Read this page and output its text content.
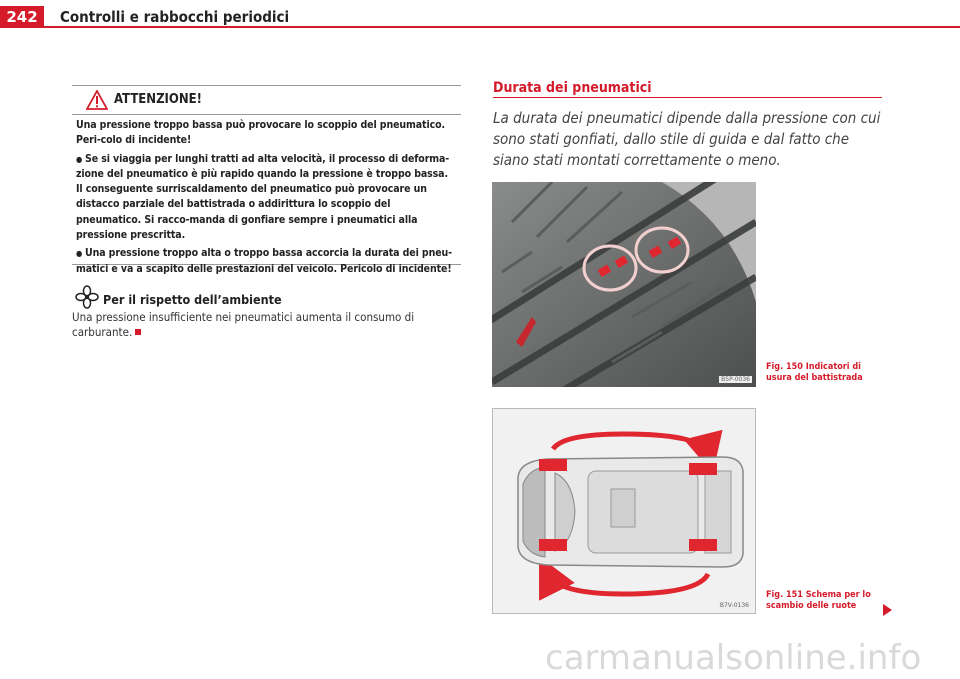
242	Controlli e rabbocchi periodici
ATTENZIONE!

Una pressione troppo bassa può provocare lo scoppio del pneumatico. Peri-colo di incidente!

●Se si viaggia per lunghi tratti ad alta velocità, il processo di deforma-zione del pneumatico è più rapido quando la pressione è troppo bassa. Il conseguente surriscaldamento del pneumatico può provocare un distacco parziale del battistrada o addirittura lo scoppio del pneumatico. Si racco-manda di gonfiare sempre i pneumatici alla pressione prescritta.

●Una pressione troppo alta o troppo bassa accorcia la durata dei pneu-matici e va a scapito delle prestazioni del veicolo. Pericolo di incidente!

Per il rispetto dell’ambiente
Una pressione insufficiente nei pneumatici aumenta il consumo di carburante.
Durata dei pneumatici
La durata dei pneumatici dipende dalla pressione con cui sono stati gonfiati, dallo stile di guida e dal fatto che siano stati montati correttamente o meno.
B5P-0036
Fig. 150 Indicatori di usura del battistrada
B7V-0136
Fig. 151 Schema per lo scambio delle ruote
carmanualsonline.info
